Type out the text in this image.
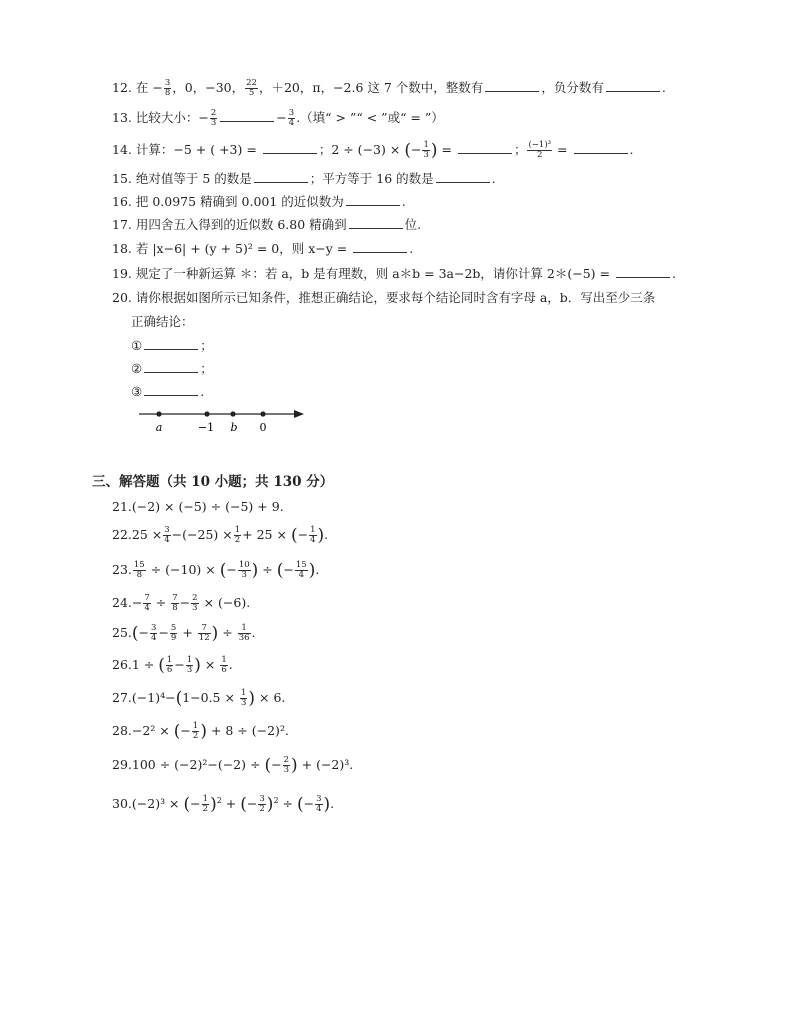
12. 在 − $\frac{3}{8}$ ，0，−30， $\frac{22}{5}$ ，＋20，π，−2.6 这 7 个数中，整数有	，负分数有	.
13. 比较大小：− $\frac{2}{3}$	− $\frac{3}{4}$ .（填“ > ”“ < ”或“ = ”）
14. 计算：−5 + ( +3) =	；2 ÷ (−3) × (− $\frac{1}{3}$ ) =	； $\frac{\text{(−1)³}}{2}$ =	.
15. 绝对值等于 5 的数是	；平方等于 16 的数是	.
16. 把 0.0975 精确到 0.001 的近似数为	.
17. 用四舍五入得到的近似数 6.80 精确到	位.
18. 若 |x−6| + (y + 5)² = 0，则 x−y =	.
19. 规定了一种新运算 ＊：若 a，b 是有理数，则 a＊b = 3a−2b，请你计算 2＊(−5) =	.
20. 请你根据如图所示已知条件，推想正确结论，要求每个结论同时含有字母 a，b．写出至少三条
正确结论：
①	；
②	；
③	.
a	−1 b 0
三、解答题（共 10 小题；共 130 分）
21.(−2) × (−5) ÷ (−5) + 9.
$22.25 \times \frac{3}{4} -(-25) \times \frac{1}{2} + 25$ × (− $\frac{1}{4}$ ).
23. $\frac{15}{8} \div (-10)$ × (− $\frac{10}{3}$ ) ÷ (− $\frac{15}{4}$ ).
$24.- \frac{7}{4} \div \frac{7}{8} - \frac{2}{3} \times (-6)$.
$25.(- \frac{3}{4} - \frac{5}{9} + \frac{7}{12}$ ) ÷ $\frac{1}{36}$ .
26.1 ÷ ( $\frac{1}{6} - \frac{1}{3}$ ) × $\frac{1}{6}$ .
$27.(-1)^4-(1-0.5 \times \frac{1}{3}$ ) × 6.
28.−2² × (− $\frac{1}{2}$ ) + 8 ÷ (−2)².
29.100 ÷ (−2)²−(−2) ÷ (− $\frac{2}{3}$ ) + (−2)³.
30.(−2)³ × (− $\frac{1}{2} )^2$ + (− $\frac{3}{2} )^2$ ÷ (− $\frac{3}{4}$ ).
